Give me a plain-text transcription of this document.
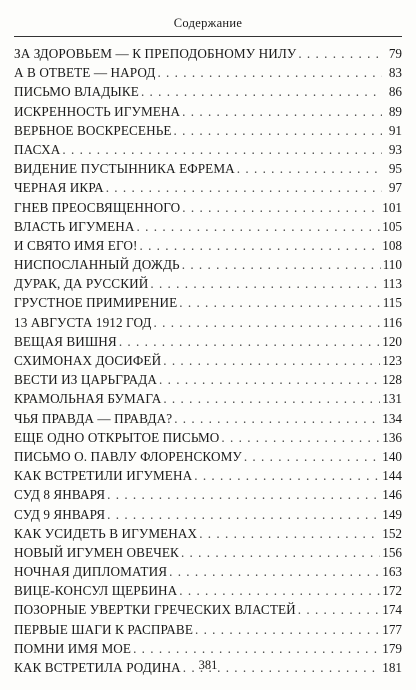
Содержание
ЗА ЗДОРОВЬЕМ — К ПРЕПОДОБНОМУ НИЛУ . . .	79
А В ОТВЕТЕ — НАРОД . . .	83
ПИСЬМО ВЛАДЫКЕ . . .	86
ИСКРЕННОСТЬ ИГУМЕНА . . .	89
ВЕРБНОЕ ВОСКРЕСЕНЬЕ . . .	91
ПАСХА . . .	93
ВИДЕНИЕ ПУСТЫННИКА ЕФРЕМА . . .	95
ЧЕРНАЯ ИКРА . . .	97
ГНЕВ ПРЕОСВЯЩЕННОГО . . .	101
ВЛАСТЬ ИГУМЕНА . . .	105
И СВЯТО ИМЯ ЕГО! . . .	108
НИСПОСЛАННЫЙ ДОЖДЬ . . .	110
ДУРАК, ДА РУССКИЙ . . .	113
ГРУСТНОЕ ПРИМИРЕНИЕ . . .	115
13 АВГУСТА 1912 ГОД . . .	116
ВЕЩАЯ ВИШНЯ . . .	120
СХИМОНАХ ДОСИФЕЙ . . .	123
ВЕСТИ ИЗ ЦАРЬГРАДА . . .	128
КРАМОЛЬНАЯ БУМАГА . . .	131
ЧЬЯ ПРАВДА — ПРАВДА? . . .	134
ЕЩЕ ОДНО ОТКРЫТОЕ ПИСЬМО . . .	136
ПИСЬМО О. ПАВЛУ ФЛОРЕНСКОМУ . . .	140
КАК ВСТРЕТИЛИ ИГУМЕНА . . .	144
СУД 8 ЯНВАРЯ . . .	146
СУД 9 ЯНВАРЯ . . .	149
КАК УСИДЕТЬ В ИГУМЕНАХ . . .	152
НОВЫЙ ИГУМЕН ОВЕЧЕК . . .	156
НОЧНАЯ ДИПЛОМАТИЯ . . .	163
ВИЦЕ-КОНСУЛ ЩЕРБИНА . . .	172
ПОЗОРНЫЕ УВЕРТКИ ГРЕЧЕСКИХ ВЛАСТЕЙ . . .	174
ПЕРВЫЕ ШАГИ К РАСПРАВЕ . . .	177
ПОМНИ ИМЯ МОЕ . . .	179
КАК ВСТРЕТИЛА РОДИНА . . .	181
381
